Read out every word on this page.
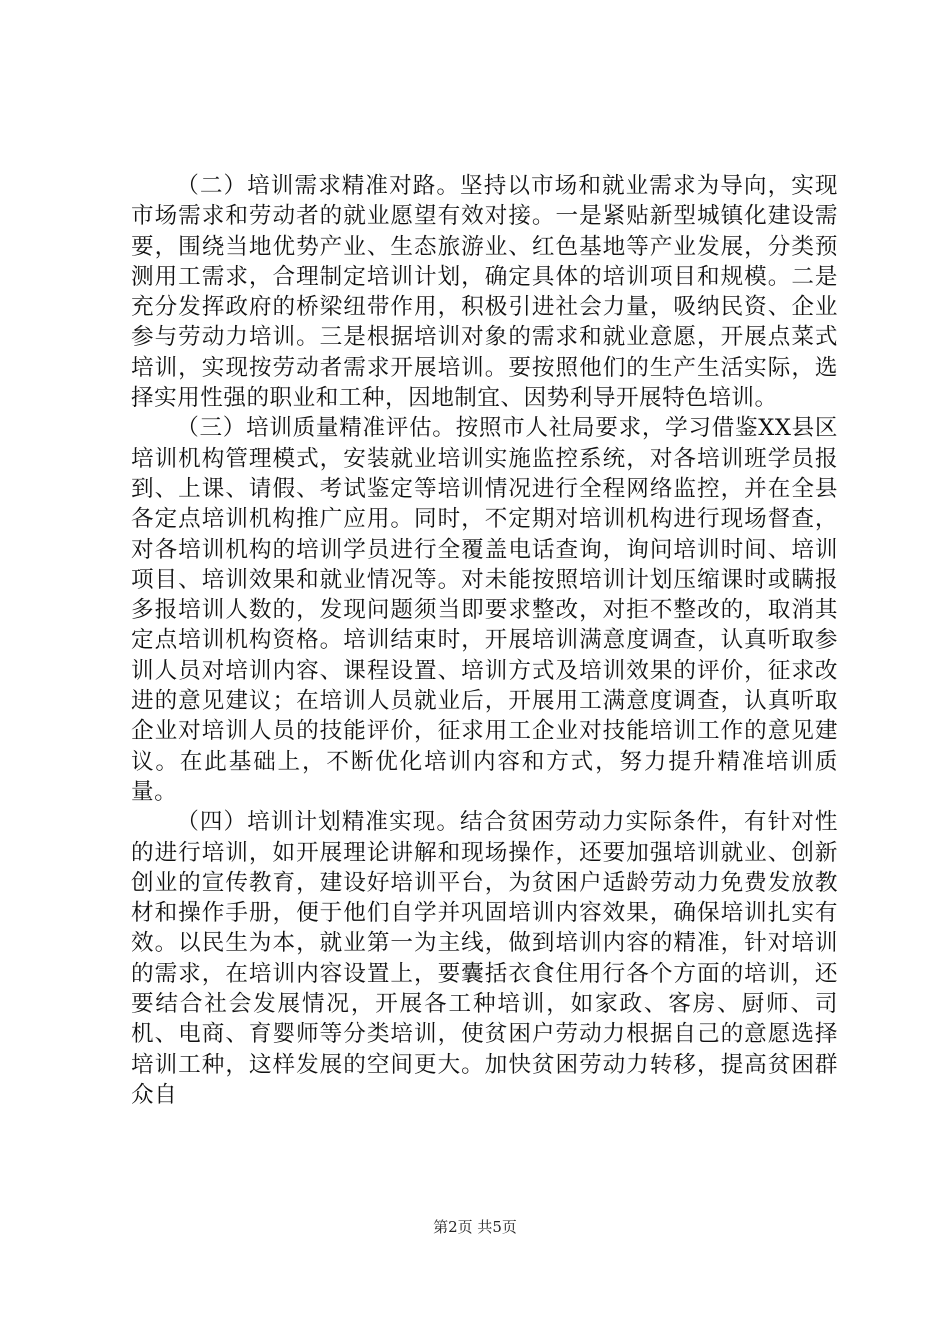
（二）培训需求精准对路。坚持以市场和就业需求为导向，实现市场需求和劳动者的就业愿望有效对接。一是紧贴新型城镇化建设需要，围绕当地优势产业、生态旅游业、红色基地等产业发展，分类预测用工需求，合理制定培训计划，确定具体的培训项目和规模。二是充分发挥政府的桥梁纽带作用，积极引进社会力量，吸纳民资、企业参与劳动力培训。三是根据培训对象的需求和就业意愿，开展点菜式培训，实现按劳动者需求开展培训。要按照他们的生产生活实际，选择实用性强的职业和工种，因地制宜、因势利导开展特色培训。

（三）培训质量精准评估。按照市人社局要求，学习借鉴XX县区培训机构管理模式，安装就业培训实施监控系统，对各培训班学员报到、上课、请假、考试鉴定等培训情况进行全程网络监控，并在全县各定点培训机构推广应用。同时，不定期对培训机构进行现场督查，对各培训机构的培训学员进行全覆盖电话查询，询问培训时间、培训项目、培训效果和就业情况等。对未能按照培训计划压缩课时或瞒报多报培训人数的，发现问题须当即要求整改，对拒不整改的，取消其定点培训机构资格。培训结束时，开展培训满意度调查，认真听取参训人员对培训内容、课程设置、培训方式及培训效果的评价，征求改进的意见建议；在培训人员就业后，开展用工满意度调查，认真听取企业对培训人员的技能评价，征求用工企业对技能培训工作的意见建议。在此基础上，不断优化培训内容和方式，努力提升精准培训质量。

（四）培训计划精准实现。结合贫困劳动力实际条件，有针对性的进行培训，如开展理论讲解和现场操作，还要加强培训就业、创新创业的宣传教育，建设好培训平台，为贫困户适龄劳动力免费发放教材和操作手册，便于他们自学并巩固培训内容效果，确保培训扎实有效。以民生为本，就业第一为主线，做到培训内容的精准，针对培训的需求，在培训内容设置上，要囊括衣食住用行各个方面的培训，还要结合社会发展情况，开展各工种培训，如家政、客房、厨师、司机、电商、育婴师等分类培训，使贫困户劳动力根据自己的意愿选择培训工种，这样发展的空间更大。加快贫困劳动力转移，提高贫困群众自

第2页 共5页
